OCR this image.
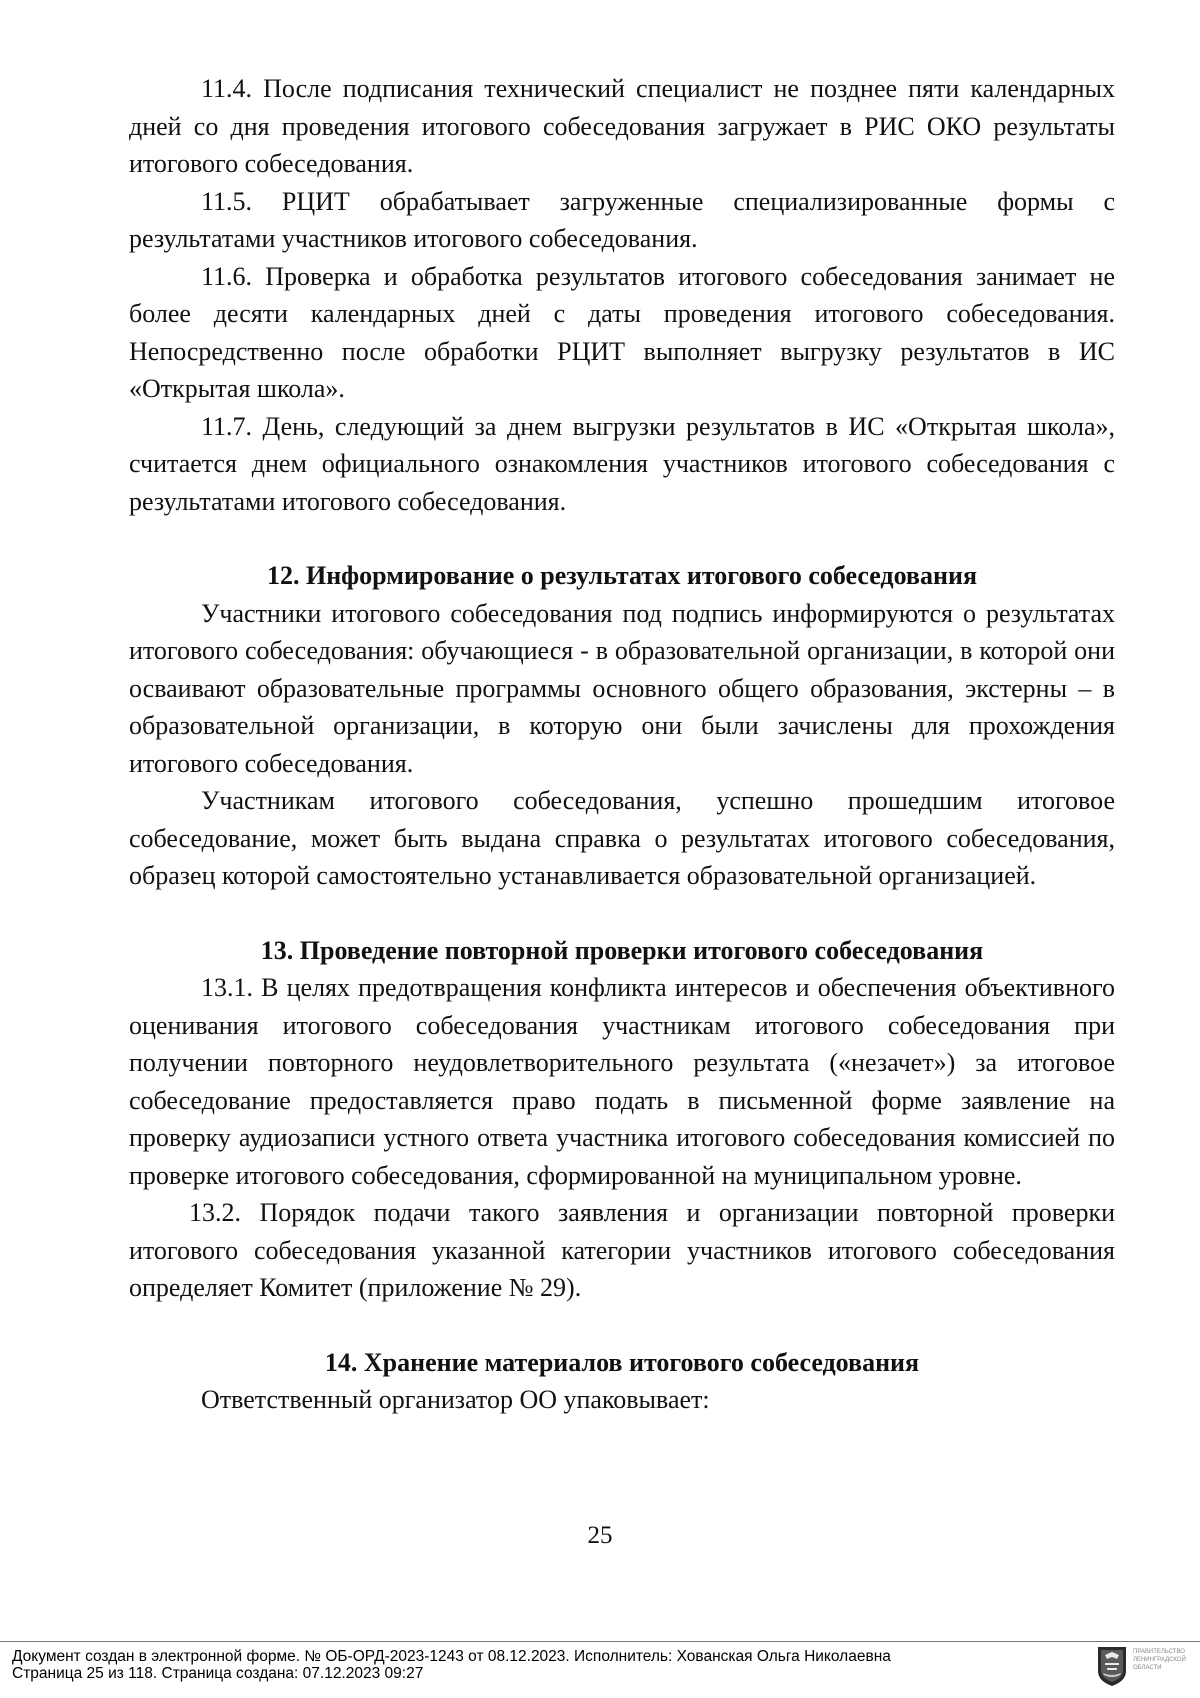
11.4. После подписания технический специалист не позднее пяти календарных дней со дня проведения итогового собеседования загружает в РИС ОКО результаты итогового собеседования.

11.5. РЦИТ обрабатывает загруженные специализированные формы с результатами участников итогового собеседования.

11.6. Проверка и обработка результатов итогового собеседования занимает не более десяти календарных дней с даты проведения итогового собеседования. Непосредственно после обработки РЦИТ выполняет выгрузку результатов в ИС «Открытая школа».

11.7. День, следующий за днем выгрузки результатов в ИС «Открытая школа», считается днем официального ознакомления участников итогового собеседования с результатами итогового собеседования.

12. Информирование о результатах итогового собеседования

Участники итогового собеседования под подпись информируются о результатах итогового собеседования: обучающиеся - в образовательной организации, в которой они осваивают образовательные программы основного общего образования, экстерны – в образовательной организации, в которую они были зачислены для прохождения итогового собеседования.

Участникам итогового собеседования, успешно прошедшим итоговое собеседование, может быть выдана справка о результатах итогового собеседования, образец которой самостоятельно устанавливается образовательной организацией.

13. Проведение повторной проверки итогового собеседования

13.1. В целях предотвращения конфликта интересов и обеспечения объективного оценивания итогового собеседования участникам итогового собеседования при получении повторного неудовлетворительного результата («незачет») за итоговое собеседование предоставляется право подать в письменной форме заявление на проверку аудиозаписи устного ответа участника итогового собеседования комиссией по проверке итогового собеседования, сформированной на муниципальном уровне.

13.2. Порядок подачи такого заявления и организации повторной проверки итогового собеседования указанной категории участников итогового собеседования определяет Комитет (приложение № 29).

14. Хранение материалов итогового собеседования

Ответственный организатор ОО упаковывает:

25
Документ создан в электронной форме. № ОБ-ОРД-2023-1243 от 08.12.2023. Исполнитель: Хованская Ольга Николаевна
Страница 25 из 118. Страница создана: 07.12.2023 09:27
ПРАВИТЕЛЬСТВО ЛЕНИНГРАДСКОЙ ОБЛАСТИ
